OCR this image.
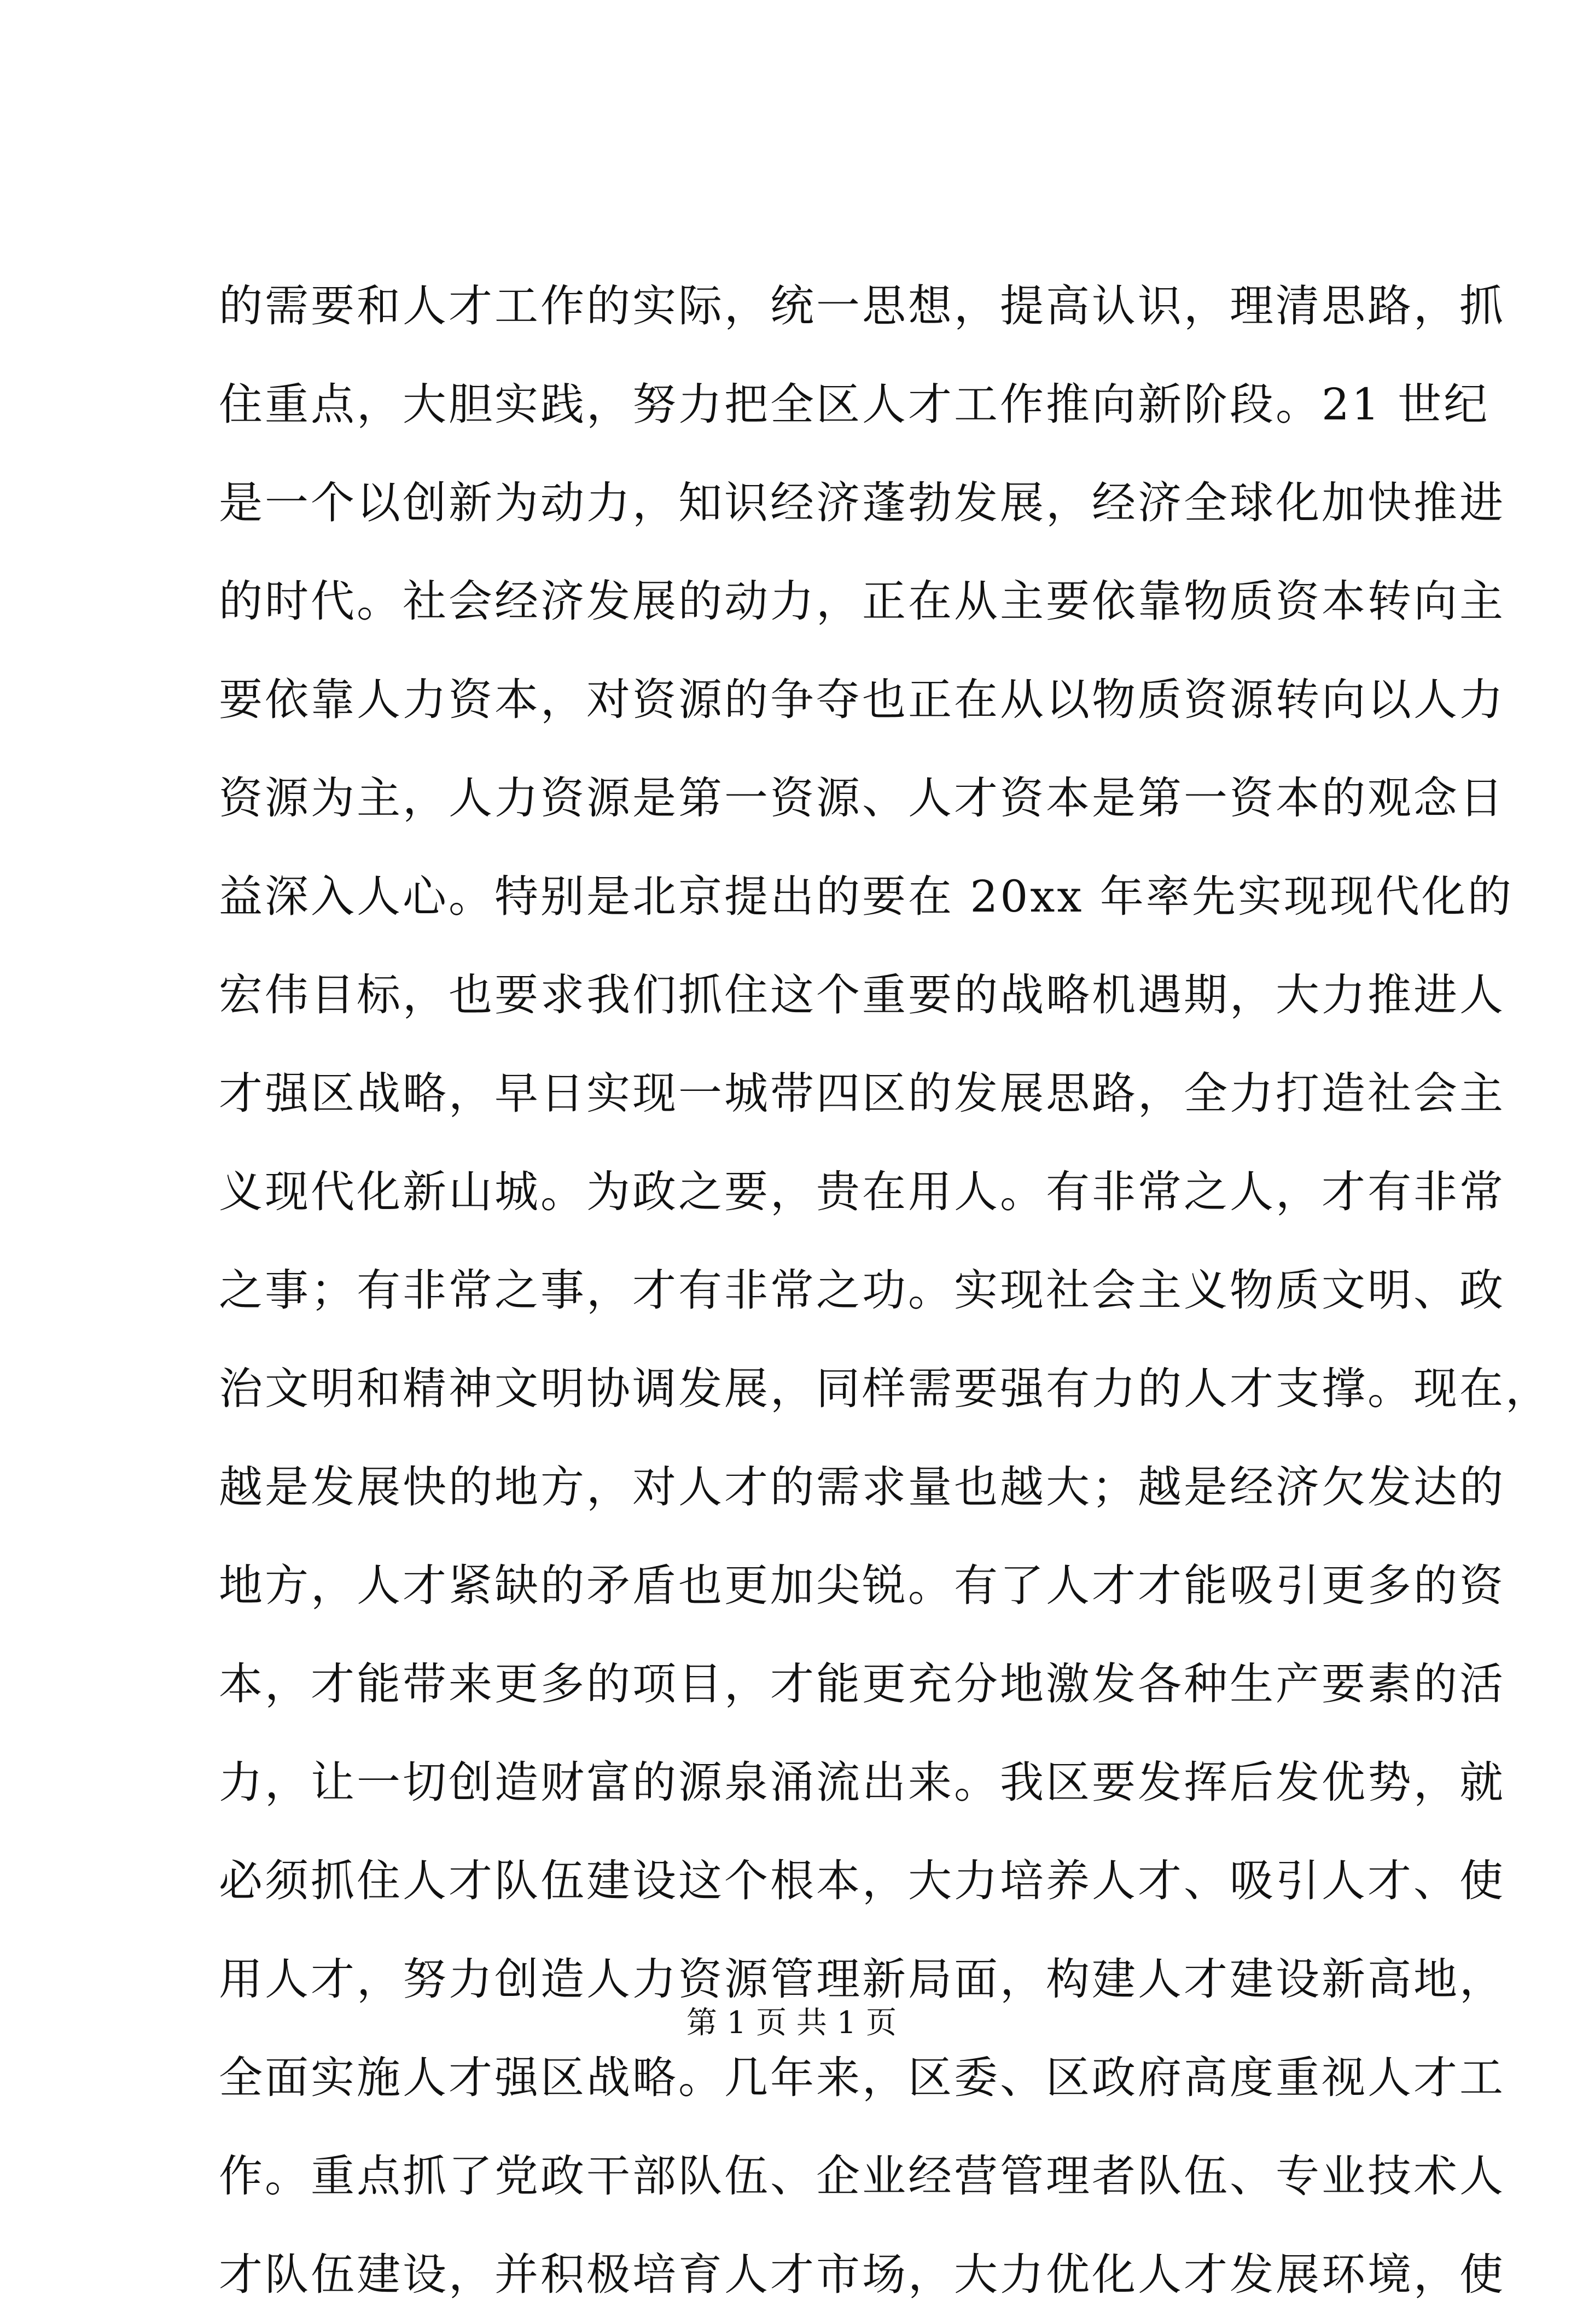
的需要和人才工作的实际，统一思想，提高认识，理清思路，抓
住重点，大胆实践，努力把全区人才工作推向新阶段。21 世纪
是一个以创新为动力，知识经济蓬勃发展，经济全球化加快推进
的时代。社会经济发展的动力，正在从主要依靠物质资本转向主
要依靠人力资本，对资源的争夺也正在从以物质资源转向以人力
资源为主，人力资源是第一资源、人才资本是第一资本的观念日
益深入人心。特别是北京提出的要在 20xx 年率先实现现代化的
宏伟目标，也要求我们抓住这个重要的战略机遇期，大力推进人
才强区战略，早日实现一城带四区的发展思路，全力打造社会主
义现代化新山城。为政之要，贵在用人。有非常之人，才有非常
之事；有非常之事，才有非常之功。实现社会主义物质文明、政
治文明和精神文明协调发展，同样需要强有力的人才支撑。现在，
越是发展快的地方，对人才的需求量也越大；越是经济欠发达的
地方，人才紧缺的矛盾也更加尖锐。有了人才才能吸引更多的资
本，才能带来更多的项目，才能更充分地激发各种生产要素的活
力，让一切创造财富的源泉涌流出来。我区要发挥后发优势，就
必须抓住人才队伍建设这个根本，大力培养人才、吸引人才、使
用人才，努力创造人力资源管理新局面，构建人才建设新高地，
全面实施人才强区战略。几年来，区委、区政府高度重视人才工
作。重点抓了党政干部队伍、企业经营管理者队伍、专业技术人
才队伍建设，并积极培育人才市场，大力优化人才发展环境，使
第 1 页 共 1 页
